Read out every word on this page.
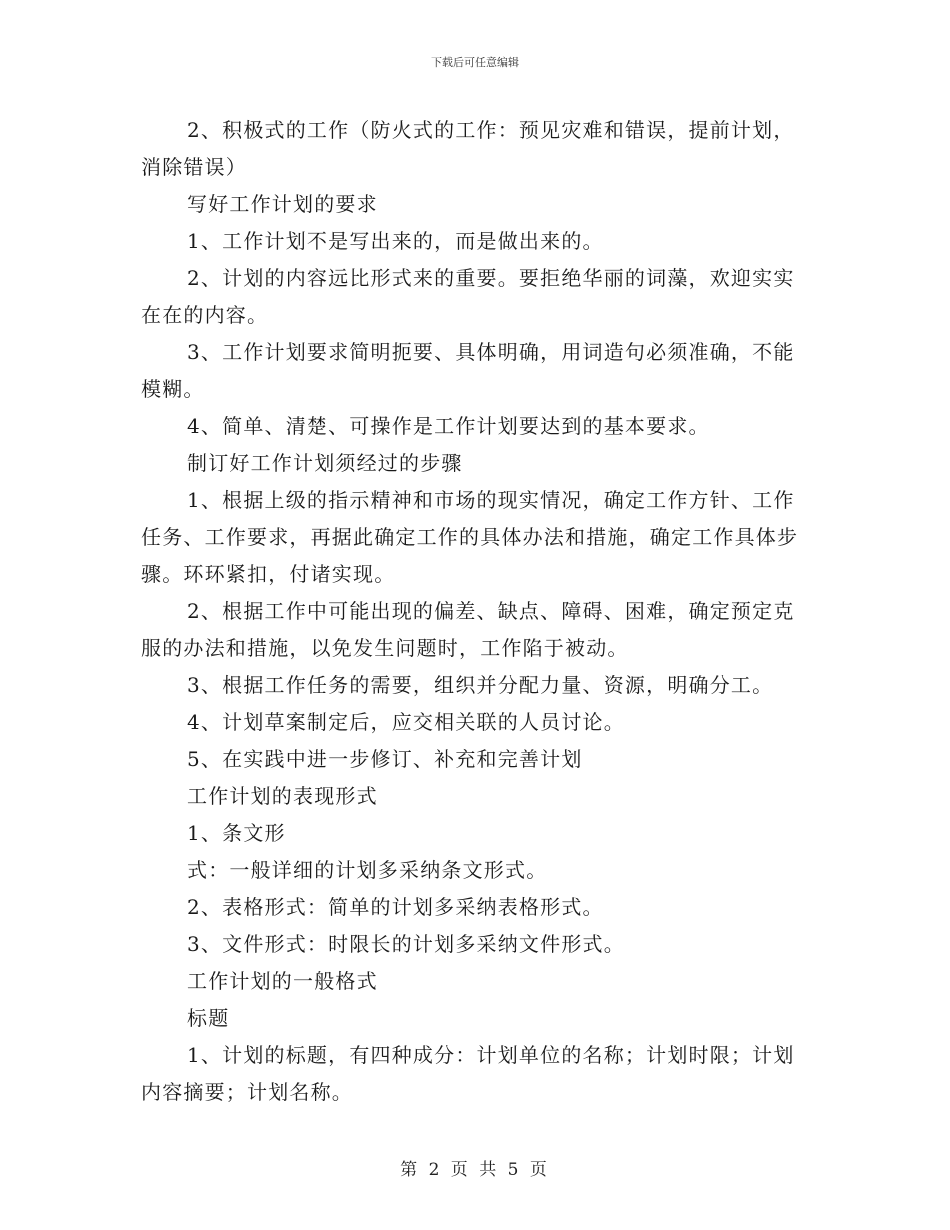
下载后可任意编辑

2、积极式的工作（防火式的工作：预见灾难和错误，提前计划，消除错误）

写好工作计划的要求

1、工作计划不是写出来的，而是做出来的。

2、计划的内容远比形式来的重要。要拒绝华丽的词藻，欢迎实实在在的内容。

3、工作计划要求简明扼要、具体明确，用词造句必须准确，不能模糊。

4、简单、清楚、可操作是工作计划要达到的基本要求。

制订好工作计划须经过的步骤

1、根据上级的指示精神和市场的现实情况，确定工作方针、工作任务、工作要求，再据此确定工作的具体办法和措施，确定工作具体步骤。环环紧扣，付诸实现。

2、根据工作中可能出现的偏差、缺点、障碍、困难，确定预定克服的办法和措施，以免发生问题时，工作陷于被动。

3、根据工作任务的需要，组织并分配力量、资源，明确分工。

4、计划草案制定后，应交相关联的人员讨论。

5、在实践中进一步修订、补充和完善计划

工作计划的表现形式

1、条文形

式：一般详细的计划多采纳条文形式。

2、表格形式：简单的计划多采纳表格形式。

3、文件形式：时限长的计划多采纳文件形式。

工作计划的一般格式

标题

1、计划的标题，有四种成分：计划单位的名称；计划时限；计划内容摘要；计划名称。

第 2 页 共 5 页
